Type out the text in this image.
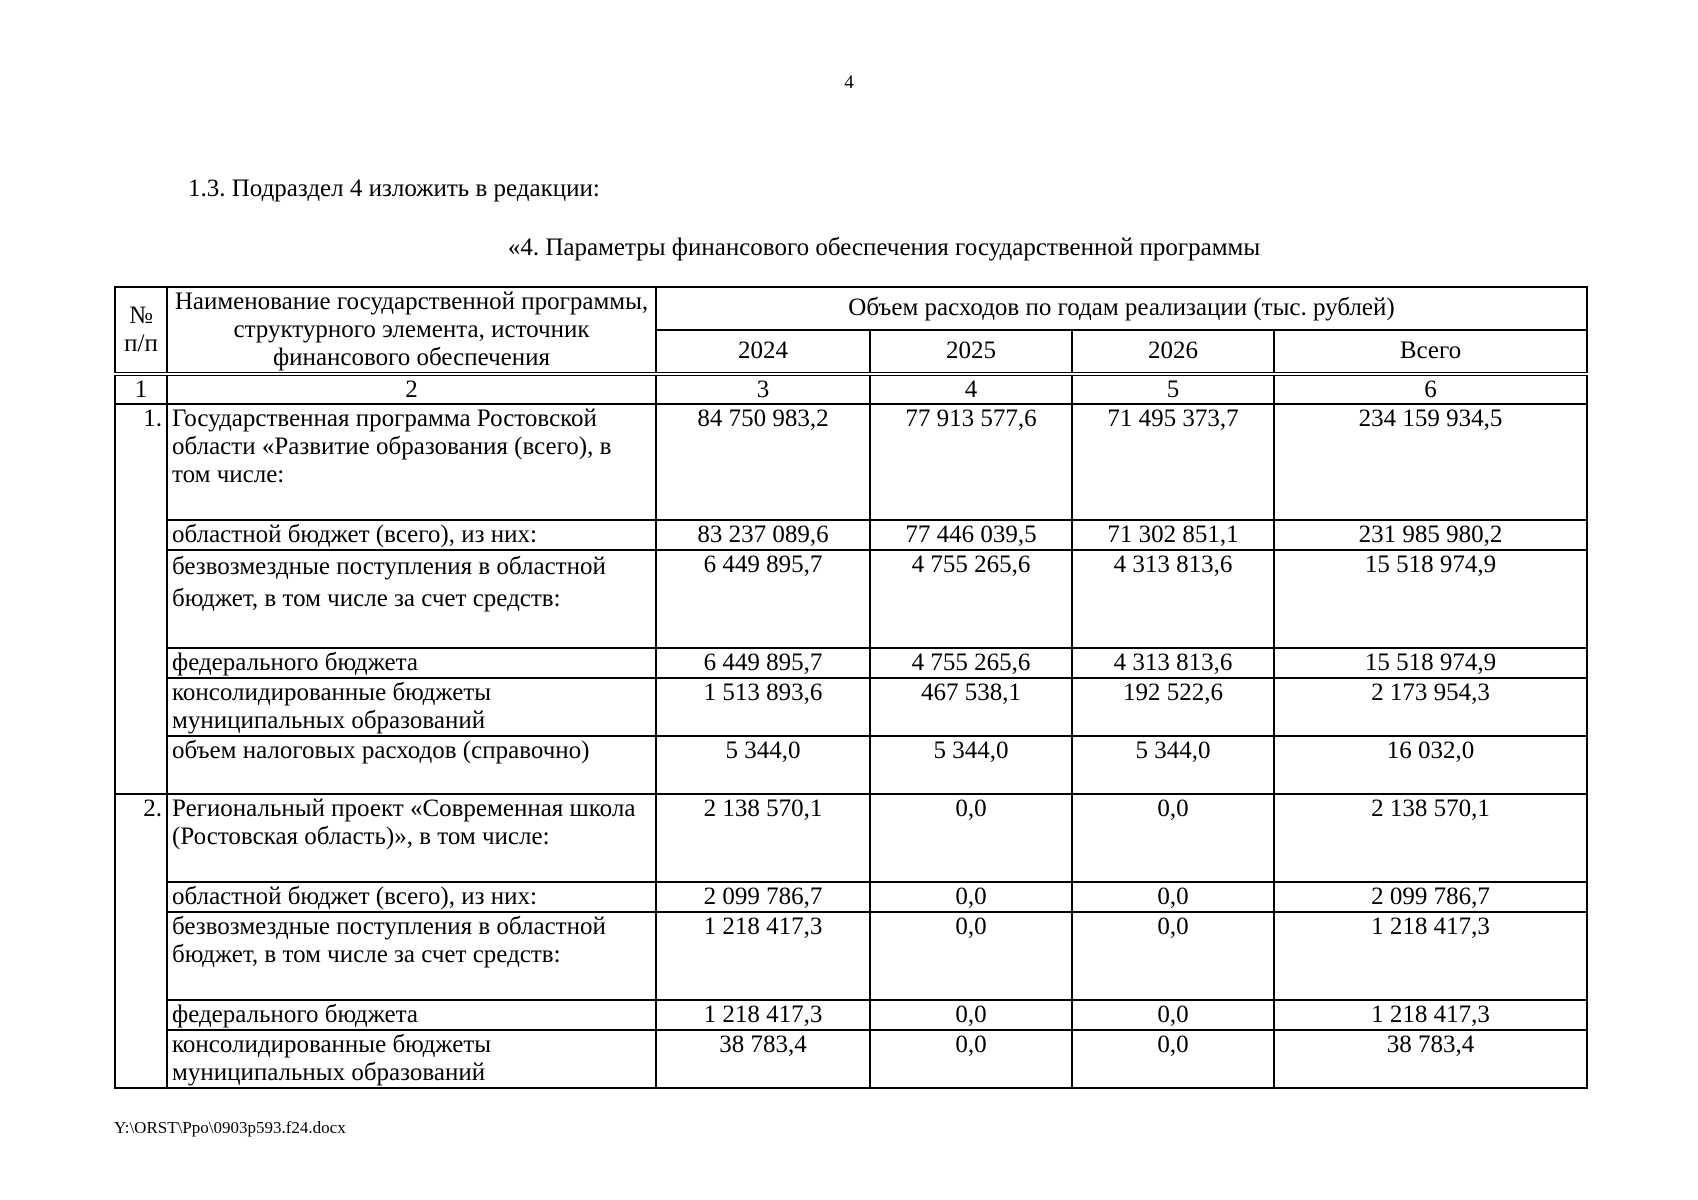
4
1.3. Подраздел 4 изложить в редакции:
«4. Параметры финансового обеспечения государственной программы
№ п/п	Наименование государственной программы, структурного элемента, источник финансового обеспечения	Объем расходов по годам реализации (тыс. рублей)			
		2024	2025	2026	Всего
1	2	3	4	5	6
1.	Государственная программа Ростовской области «Развитие образования (всего), в том числе:	84 750 983,2	77 913 577,6	71 495 373,7	234 159 934,5
	областной бюджет (всего), из них:	83 237 089,6	77 446 039,5	71 302 851,1	231 985 980,2
	безвозмездные поступления в областной бюджет, в том числе за счет средств:	6 449 895,7	4 755 265,6	4 313 813,6	15 518 974,9
	федерального бюджета	6 449 895,7	4 755 265,6	4 313 813,6	15 518 974,9
	консолидированные бюджеты муниципальных образований	1 513 893,6	467 538,1	192 522,6	2 173 954,3
	объем налоговых расходов (справочно)	5 344,0	5 344,0	5 344,0	16 032,0
2.	Региональный проект «Современная школа (Ростовская область)», в том числе:	2 138 570,1	0,0	0,0	2 138 570,1
	областной бюджет (всего), из них:	2 099 786,7	0,0	0,0	2 099 786,7
	безвозмездные поступления в областной бюджет, в том числе за счет средств:	1 218 417,3	0,0	0,0	1 218 417,3
	федерального бюджета	1 218 417,3	0,0	0,0	1 218 417,3
	консолидированные бюджеты муниципальных образований	38 783,4	0,0	0,0	38 783,4
Y:\ORST\Ppo\0903p593.f24.docx
